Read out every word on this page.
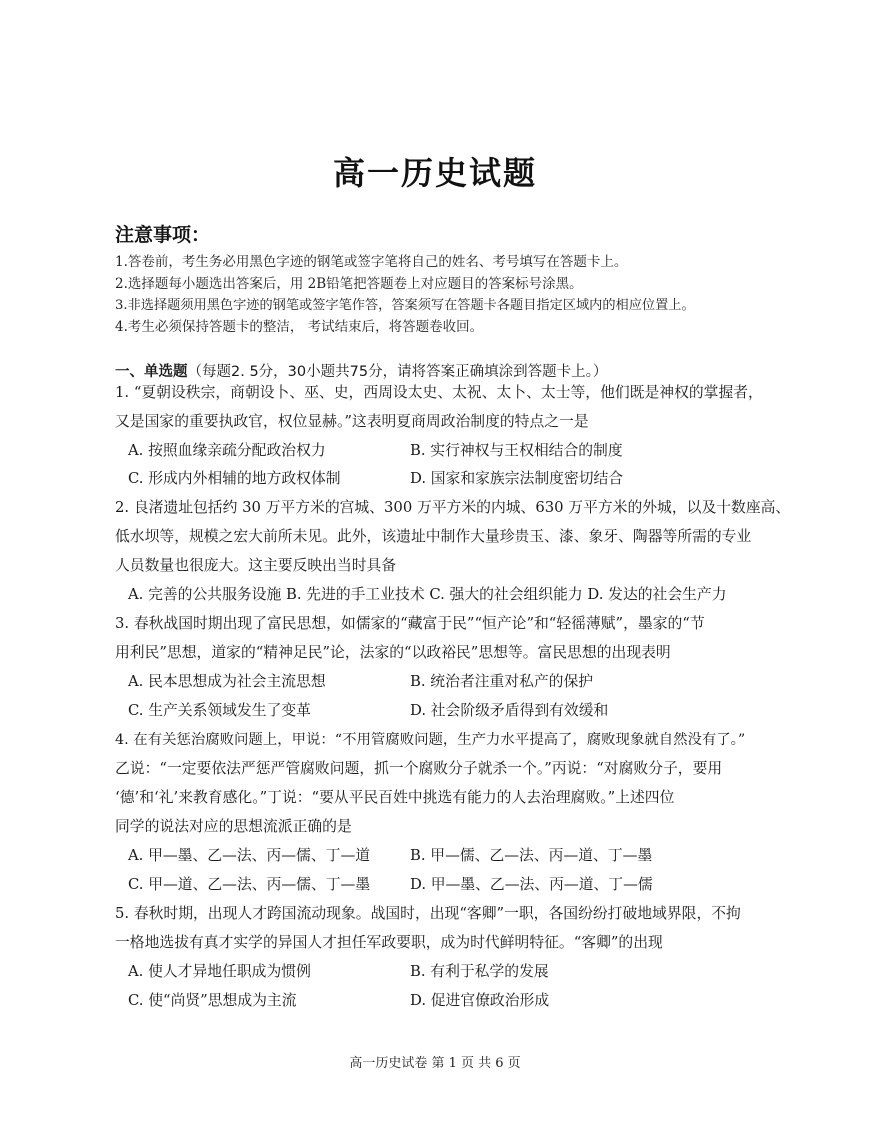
高一历史试题
注意事项：
1.答卷前，考生务必用黑色字迹的钢笔或签字笔将自己的姓名、考号填写在答题卡上。
2.选择题每小题选出答案后，用 2B铅笔把答题卷上对应题目的答案标号涂黑。
3.非选择题须用黑色字迹的钢笔或签字笔作答，答案须写在答题卡各题目指定区域内的相应位置上。
4.考生必须保持答题卡的整洁， 考试结束后，将答题卷收回。
一、单选题（每题2. 5分，30小题共75分，请将答案正确填涂到答题卡上。）
1. “夏朝设秩宗，商朝设卜、巫、史，西周设太史、太祝、太卜、太士等，他们既是神权的掌握者，
又是国家的重要执政官，权位显赫。”这表明夏商周政治制度的特点之一是
A. 按照血缘亲疏分配政治权力	B. 实行神权与王权相结合的制度
C. 形成内外相辅的地方政权体制	D. 国家和家族宗法制度密切结合
2. 良渚遗址包括约 30 万平方米的宫城、300 万平方米的内城、630 万平方米的外城，以及十数座高、
低水坝等，规模之宏大前所未见。此外，该遗址中制作大量珍贵玉、漆、象牙、陶器等所需的专业
人员数量也很庞大。这主要反映出当时具备
A. 完善的公共服务设施 B. 先进的手工业技术 C. 强大的社会组织能力 D. 发达的社会生产力
3. 春秋战国时期出现了富民思想，如儒家的“藏富于民”“恒产论”和“轻徭薄赋”，墨家的“节
用利民”思想，道家的“精神足民”论，法家的“以政裕民”思想等。富民思想的出现表明
A. 民本思想成为社会主流思想	B. 统治者注重对私产的保护
C. 生产关系领域发生了变革	D. 社会阶级矛盾得到有效缓和
4. 在有关惩治腐败问题上，甲说：“不用管腐败问题，生产力水平提高了，腐败现象就自然没有了。”
乙说：“一定要依法严惩严管腐败问题，抓一个腐败分子就杀一个。”丙说：“对腐败分子，要用
‘德’和‘礼’来教育感化。”丁说：“要从平民百姓中挑选有能力的人去治理腐败。”上述四位
同学的说法对应的思想流派正确的是
A. 甲—墨、乙—法、丙—儒、丁—道	B. 甲—儒、乙—法、丙—道、丁—墨
C. 甲—道、乙—法、丙—儒、丁—墨	D. 甲—墨、乙—法、丙—道、丁—儒
5. 春秋时期，出现人才跨国流动现象。战国时，出现“客卿”一职，各国纷纷打破地域界限，不拘
一格地选拔有真才实学的异国人才担任军政要职，成为时代鲜明特征。“客卿”的出现
A. 使人才异地任职成为惯例	B. 有利于私学的发展
C. 使“尚贤”思想成为主流	D. 促进官僚政治形成
高一历史试卷 第 1 页 共 6 页
